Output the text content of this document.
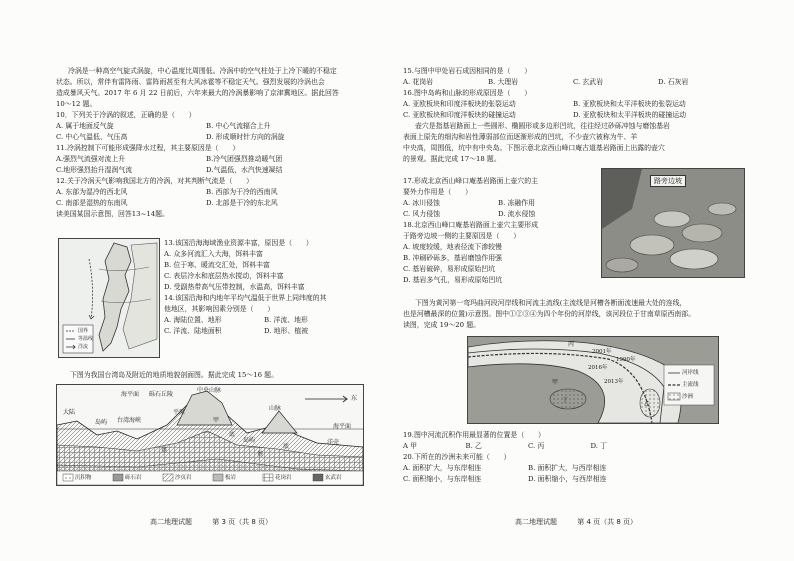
冷涡是一种高空气旋式涡旋，中心温度比周围低。冷涡中的空气柱处于上冷下暖的不稳定

状态。所以，常伴有雷阵雨、雷阵雨甚至有大风冰雹等不稳定天气。强烈发展的冷涡也会

造成暴风天气。2017 年 6 月 22 日前后，六年来最大的冷涡暴影响了京津冀地区。据此回答

10～12 题。

10．下列关于冷涡的叙述，正确的是（　　）

A. 属于地面反气旋	B. 中心气流辐合上升
C. 中心气温低、气压高	D. 形成顺时针方向的涡旋

11.冷涡控制下可能形成强降水过程，其主要原因是（　　）

A.强烈气流强对流上升	B.冷气团强烈推动暖气团
C.地形强烈抬升湿润气流	D.气温低，水汽快速凝结

12.关于冷涡天气影响我国北方的冷涡，对其判断气流是（　　）

A. 东部为湿冷的西北风	B. 西部为干冷的西南风
C. 南部是湿热的东南风	D. 北部是干冷的东北风

读美国某国示意图，回答13~14题。

国界
等温线
洋流

13.该国沿海海域渔业资源丰富，原因是（　　）

A. 众多河流汇入大海，饵料丰富

B. 位于寒、暖流交汇处，饵料丰富

C. 表层冷水和底层热水搅动，饵料丰富

D. 受副热带高气压带控制，水温高，饵料丰富

14.该国沿海和内地年平均气温低于世界上同纬度的其

他地区，其影响因素分别是（　　）

A. 海陆位置、地形	B. 洋流、地形
C. 洋流、陆地面积	D. 地形、植被

下图为我国台湾岛及附近的地质地貌剖面图。据此完成 15～16 题。

大陆
海平面 砾石丘陵
中央山脉
平原
台湾海峡
岛屿
岛屿
甲
底
基
基
底
山脉
海平面
洋壳
东
沉积物	砾石岩	沙页岩	板岩	花岗岩	玄武岩
高二地理试题	第 3 页（共 8 页）

15.与图中甲处岩石成因相同的是（　　）

A. 花岗岩	B. 大理岩	C. 玄武岩	D. 石灰岩

16.图中岛屿和山脉的形成原因是（　　）

A. 亚欧板块和印度洋板块的张裂运动	B. 亚欧板块和太平洋板块的张裂运动
C. 亚欧板块和印度洋板块的碰撞运动	D. 亚欧板块和太平洋板块的碰撞运动

壶穴是指基岩路面上一些圆形、椭圆形或多边形凹坑，往往经过砂砾冲蚀与磨蚀基岩

表面上原先的细沟和岩性薄弱部位而逐渐形成的凹坑，不少壶穴被称为牛、羊

中央高，周围低，坑中有中央岛。下图示意北京西山峰口庵古道基岩路面上出露的壶穴

的景观。据此完成 17～18 题。

17.形成北京西山峰口庵基岩路面上壶穴的主

要外力作用是（　　）

A. 冰川侵蚀	B. 冻融作用
C. 风力侵蚀	D. 流水侵蚀

18.北京西山峰口庵基岩路面上壶穴主要形成

于路旁边坡一侧的主要原因是（　　）

A. 坡度较缓，地表径流下渗较慢

B. 冲刷砂砾多，基岩磨蚀作用强

C. 基岩破碎，易形成原始凹坑

D. 基岩多气孔，易形成原始凹坑

路旁边坡

下图为黄河第一弯玛曲河段河岸线和河流主流线(主流线是河槽各断面流速最大处的连线，

也是河槽最深的位置)示意图。图中①②③④为四个年份的河岸线，该河段位于甘南草原西南部。

读图，完成 19～20 题。

丙
2001年
1990年
2016年
2013年
甲
丁
乙
河岸线
主流线
沙洲

19.图中河流沉积作用最显著的位置是（　　）

A 甲	B. 乙	C. 丙	D. 丁

20.下所在的沙洲未来可能（　　）

A. 面积扩大，与东岸相连	B. 面积扩大，与西岸相连
C. 面积缩小，与东岸相连	D. 面积缩小，与西岸相连
高二地理试题	第 4 页（共 8 页）
